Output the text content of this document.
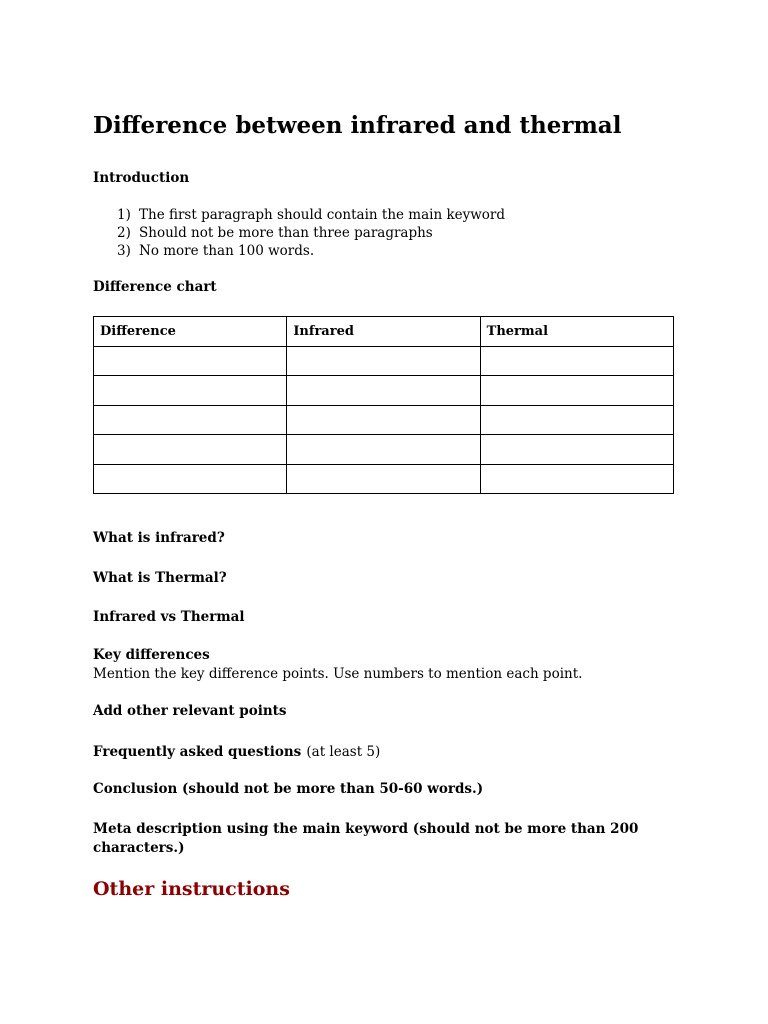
Difference between infrared and thermal
Introduction
1) The first paragraph should contain the main keyword
2) Should not be more than three paragraphs
3) No more than 100 words.
Difference chart
Difference	Infrared	Thermal

What is infrared?
What is Thermal?
Infrared vs Thermal
Key differences
Mention the key difference points. Use numbers to mention each point.
Add other relevant points
Frequently asked questions (at least 5)
Conclusion (should not be more than 50-60 words.)
Meta description using the main keyword (should not be more than 200 characters.)
Other instructions
